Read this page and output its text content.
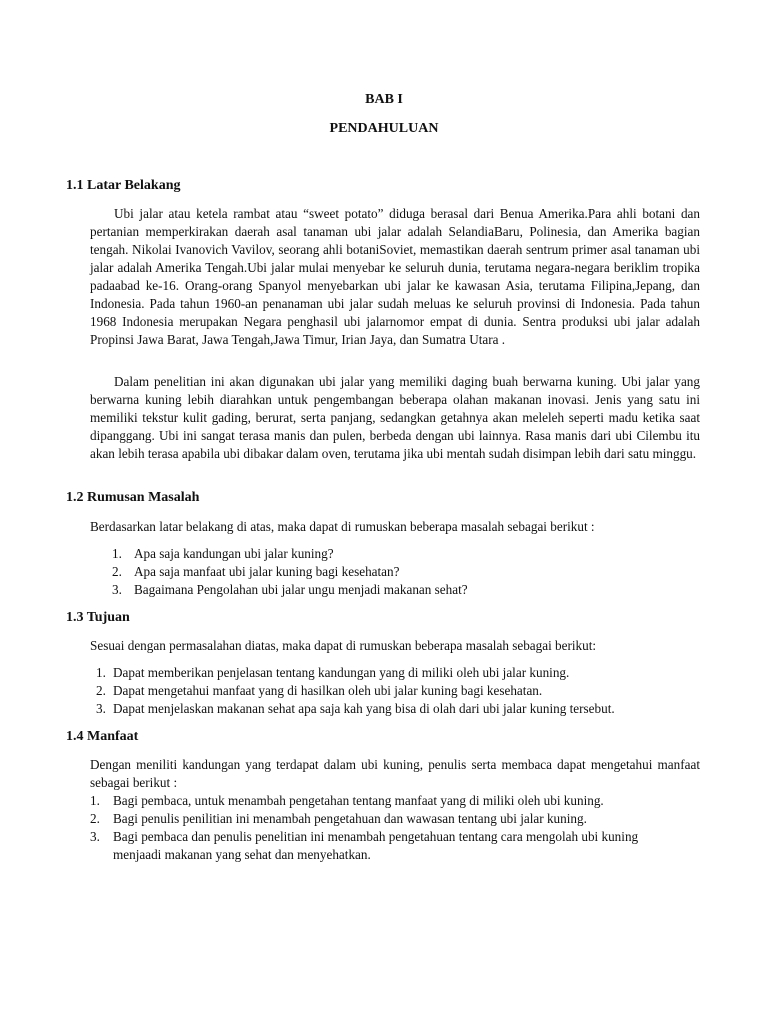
BAB I
PENDAHULUAN
1.1 Latar Belakang

Ubi jalar atau ketela rambat atau “sweet potato” diduga berasal dari Benua Amerika.Para ahli botani dan pertanian memperkirakan daerah asal tanaman ubi jalar adalah SelandiaBaru, Polinesia, dan Amerika bagian tengah. Nikolai Ivanovich Vavilov, seorang ahli botaniSoviet, memastikan daerah sentrum primer asal tanaman ubi jalar adalah Amerika Tengah.Ubi jalar mulai menyebar ke seluruh dunia, terutama negara-negara beriklim tropika padaabad ke-16. Orang-orang Spanyol menyebarkan ubi jalar ke kawasan Asia, terutama Filipina,Jepang, dan Indonesia. Pada tahun 1960-an penanaman ubi jalar sudah meluas ke seluruh provinsi di Indonesia. Pada tahun 1968 Indonesia merupakan Negara penghasil ubi jalarnomor empat di dunia. Sentra produksi ubi jalar adalah Propinsi Jawa Barat, Jawa Tengah,Jawa Timur, Irian Jaya, dan Sumatra Utara .

Dalam penelitian ini akan digunakan ubi jalar yang memiliki daging buah berwarna kuning. Ubi jalar yang berwarna kuning lebih diarahkan untuk pengembangan beberapa olahan makanan inovasi. Jenis yang satu ini memiliki tekstur kulit gading, berurat, serta panjang, sedangkan getahnya akan meleleh seperti madu ketika saat dipanggang. Ubi ini sangat terasa manis dan pulen, berbeda dengan ubi lainnya. Rasa manis dari ubi Cilembu itu akan lebih terasa apabila ubi dibakar dalam oven, terutama jika ubi mentah sudah disimpan lebih dari satu minggu.

1.2 Rumusan Masalah

Berdasarkan latar belakang di atas, maka dapat di rumuskan beberapa masalah sebagai berikut :

1. Apa saja kandungan ubi jalar kuning?
2. Apa saja manfaat ubi jalar kuning bagi kesehatan?
3. Bagaimana Pengolahan ubi jalar ungu menjadi makanan sehat?
1.3 Tujuan

Sesuai dengan permasalahan diatas, maka dapat di rumuskan beberapa masalah sebagai berikut:

1. Dapat memberikan penjelasan tentang kandungan yang di miliki oleh ubi jalar kuning.
2. Dapat mengetahui manfaat yang di hasilkan oleh ubi jalar kuning bagi kesehatan.
3. Dapat menjelaskan makanan sehat apa saja kah yang bisa di olah dari ubi jalar kuning tersebut.
1.4 Manfaat

Dengan meniliti kandungan yang terdapat dalam ubi kuning, penulis serta membaca dapat mengetahui manfaat sebagai berikut :

1. Bagi pembaca, untuk menambah pengetahan tentang manfaat yang di miliki oleh ubi kuning.
2. Bagi penulis penilitian ini menambah pengetahuan dan wawasan tentang ubi jalar kuning.
3. Bagi pembaca dan penulis penelitian ini menambah pengetahuan tentang cara mengolah ubi kuning menjaadi makanan yang sehat dan menyehatkan.
